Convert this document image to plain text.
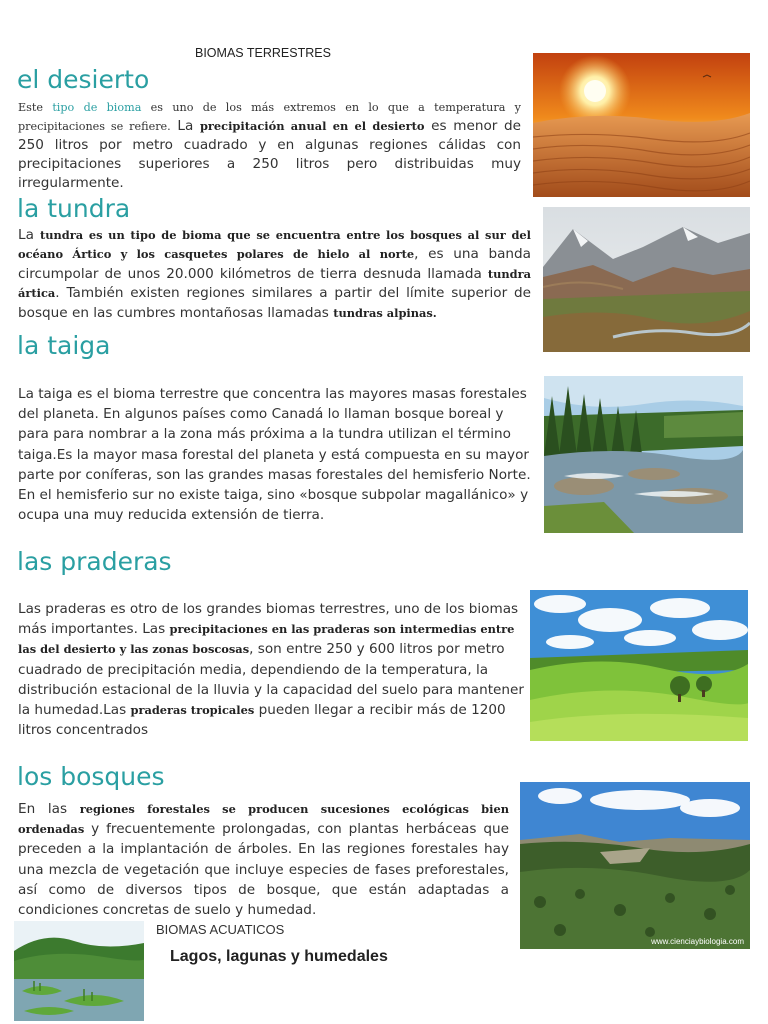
BIOMAS TERRESTRES
el desierto

Este tipo de bioma es uno de los más extremos en lo que a temperatura y precipitaciones se refiere. La precipitación anual en el desierto es menor de 250 litros por metro cuadrado y en algunas regiones cálidas con precipitaciones superiores a 250 litros pero distribuidas muy irregularmente.

la tundra

La tundra es un tipo de bioma que se encuentra entre los bosques al sur del océano Ártico y los casquetes polares de hielo al norte, es una banda circumpolar de unos 20.000 kilómetros de tierra desnuda llamada tundra ártica. También existen regiones similares a partir del límite superior de bosque en las cumbres montañosas llamadas tundras alpinas.

la taiga

La taiga es el bioma terrestre que concentra las mayores masas forestales del planeta. En algunos países como Canadá lo llaman bosque boreal y para para nombrar a la zona más próxima a la tundra utilizan el término taiga.Es la mayor masa forestal del planeta y está compuesta en su mayor parte por coníferas, son las grandes masas forestales del hemisferio Norte. En el hemisferio sur no existe taiga, sino «bosque subpolar magallánico» y ocupa una muy reducida extensión de tierra.

las praderas

Las praderas es otro de los grandes biomas terrestres, uno de los biomas más importantes. Las precipitaciones en las praderas son intermedias entre las del desierto y las zonas boscosas, son entre 250 y 600 litros por metro cuadrado de precipitación media, dependiendo de la temperatura, la distribución estacional de la lluvia y la capacidad del suelo para mantener la humedad.Las praderas tropicales pueden llegar a recibir más de 1200 litros concentrados

los bosques

En las regiones forestales se producen sucesiones ecológicas bien ordenadas y frecuentemente prolongadas, con plantas herbáceas que preceden a la implantación de árboles. En las regiones forestales hay una mezcla de vegetación que incluye especies de fases preforestales, así como de diversos tipos de bosque, que están adaptadas a condiciones concretas de suelo y humedad.

www.cienciaybiologia.com
BIOMAS ACUATICOS
Lagos, lagunas y humedales
